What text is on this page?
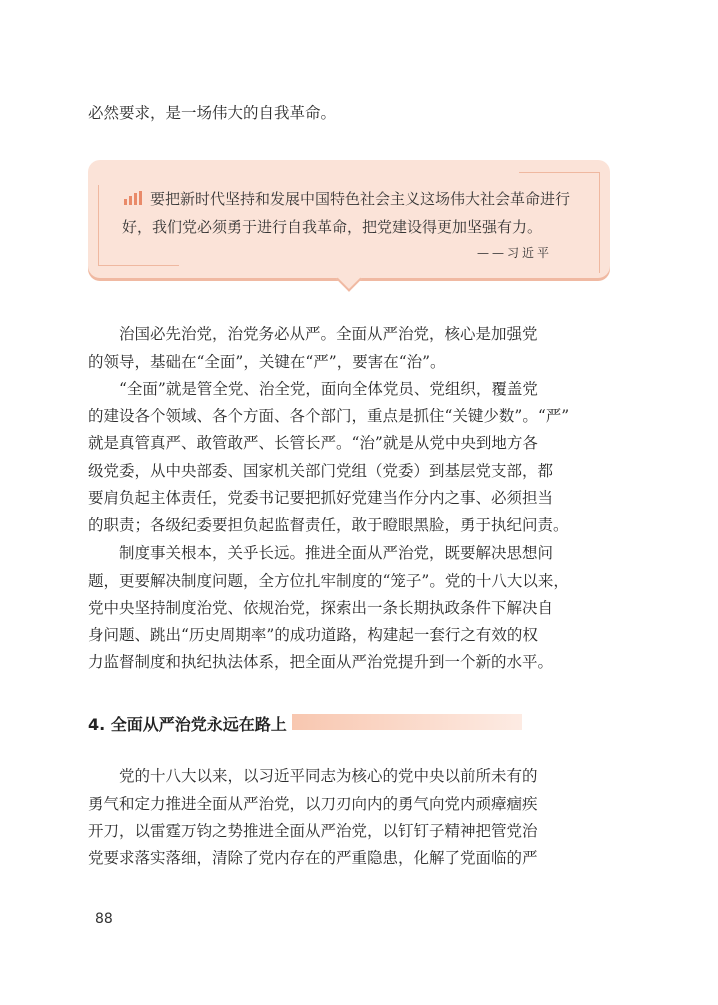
必然要求，是一场伟大的自我革命。
要把新时代坚持和发展中国特色社会主义这场伟大社会革命进行
好，我们党必须勇于进行自我革命，把党建设得更加坚强有力。
——习近平
治国必先治党，治党务必从严。全面从严治党，核心是加强党
的领导，基础在“全面”，关键在“严”，要害在“治”。
“全面”就是管全党、治全党，面向全体党员、党组织，覆盖党
的建设各个领域、各个方面、各个部门，重点是抓住“关键少数”。“严”
就是真管真严、敢管敢严、长管长严。“治”就是从党中央到地方各
级党委，从中央部委、国家机关部门党组（党委）到基层党支部，都
要肩负起主体责任，党委书记要把抓好党建当作分内之事、必须担当
的职责；各级纪委要担负起监督责任，敢于瞪眼黑脸，勇于执纪问责。
制度事关根本，关乎长远。推进全面从严治党，既要解决思想问
题，更要解决制度问题，全方位扎牢制度的“笼子”。党的十八大以来，
党中央坚持制度治党、依规治党，探索出一条长期执政条件下解决自
身问题、跳出“历史周期率”的成功道路，构建起一套行之有效的权
力监督制度和执纪执法体系，把全面从严治党提升到一个新的水平。
4. 全面从严治党永远在路上
党的十八大以来，以习近平同志为核心的党中央以前所未有的
勇气和定力推进全面从严治党，以刀刃向内的勇气向党内顽瘴痼疾
开刀，以雷霆万钧之势推进全面从严治党，以钉钉子精神把管党治
党要求落实落细，清除了党内存在的严重隐患，化解了党面临的严
88
